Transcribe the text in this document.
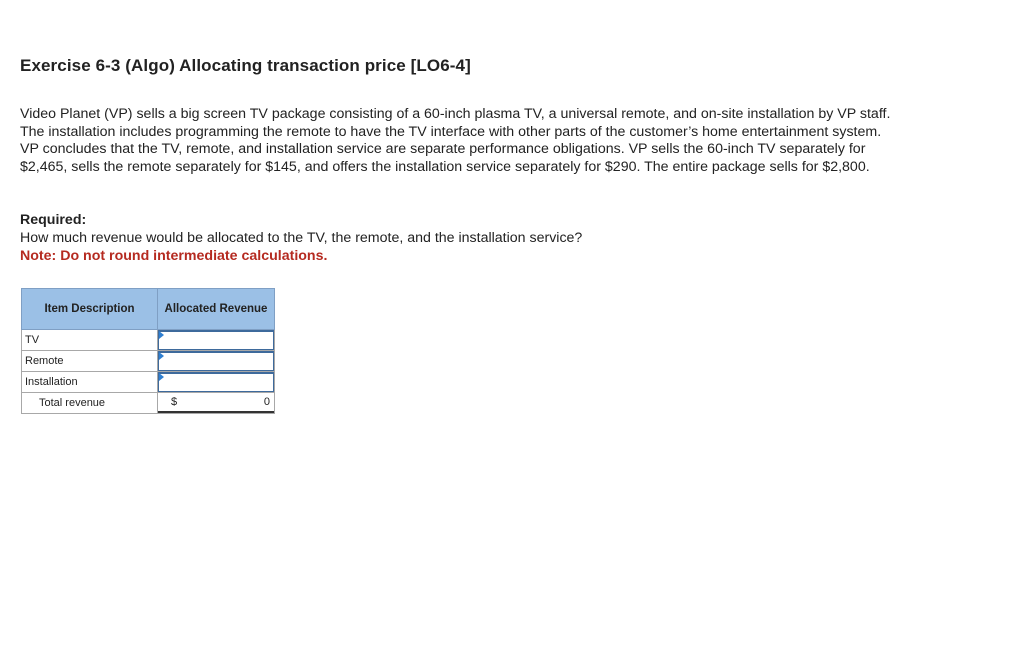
Exercise 6-3 (Algo) Allocating transaction price [LO6-4]

Video Planet (VP) sells a big screen TV package consisting of a 60-inch plasma TV, a universal remote, and on-site installation by VP staff. The installation includes programming the remote to have the TV interface with other parts of the customer’s home entertainment system. VP concludes that the TV, remote, and installation service are separate performance obligations. VP sells the 60-inch TV separately for $2,465, sells the remote separately for $145, and offers the installation service separately for $290. The entire package sells for $2,800.

Required:

How much revenue would be allocated to the TV, the remote, and the installation service?

Note: Do not round intermediate calculations.

Item Description	Allocated Revenue
TV	

Remote	

Installation	

Total revenue	$ 0
